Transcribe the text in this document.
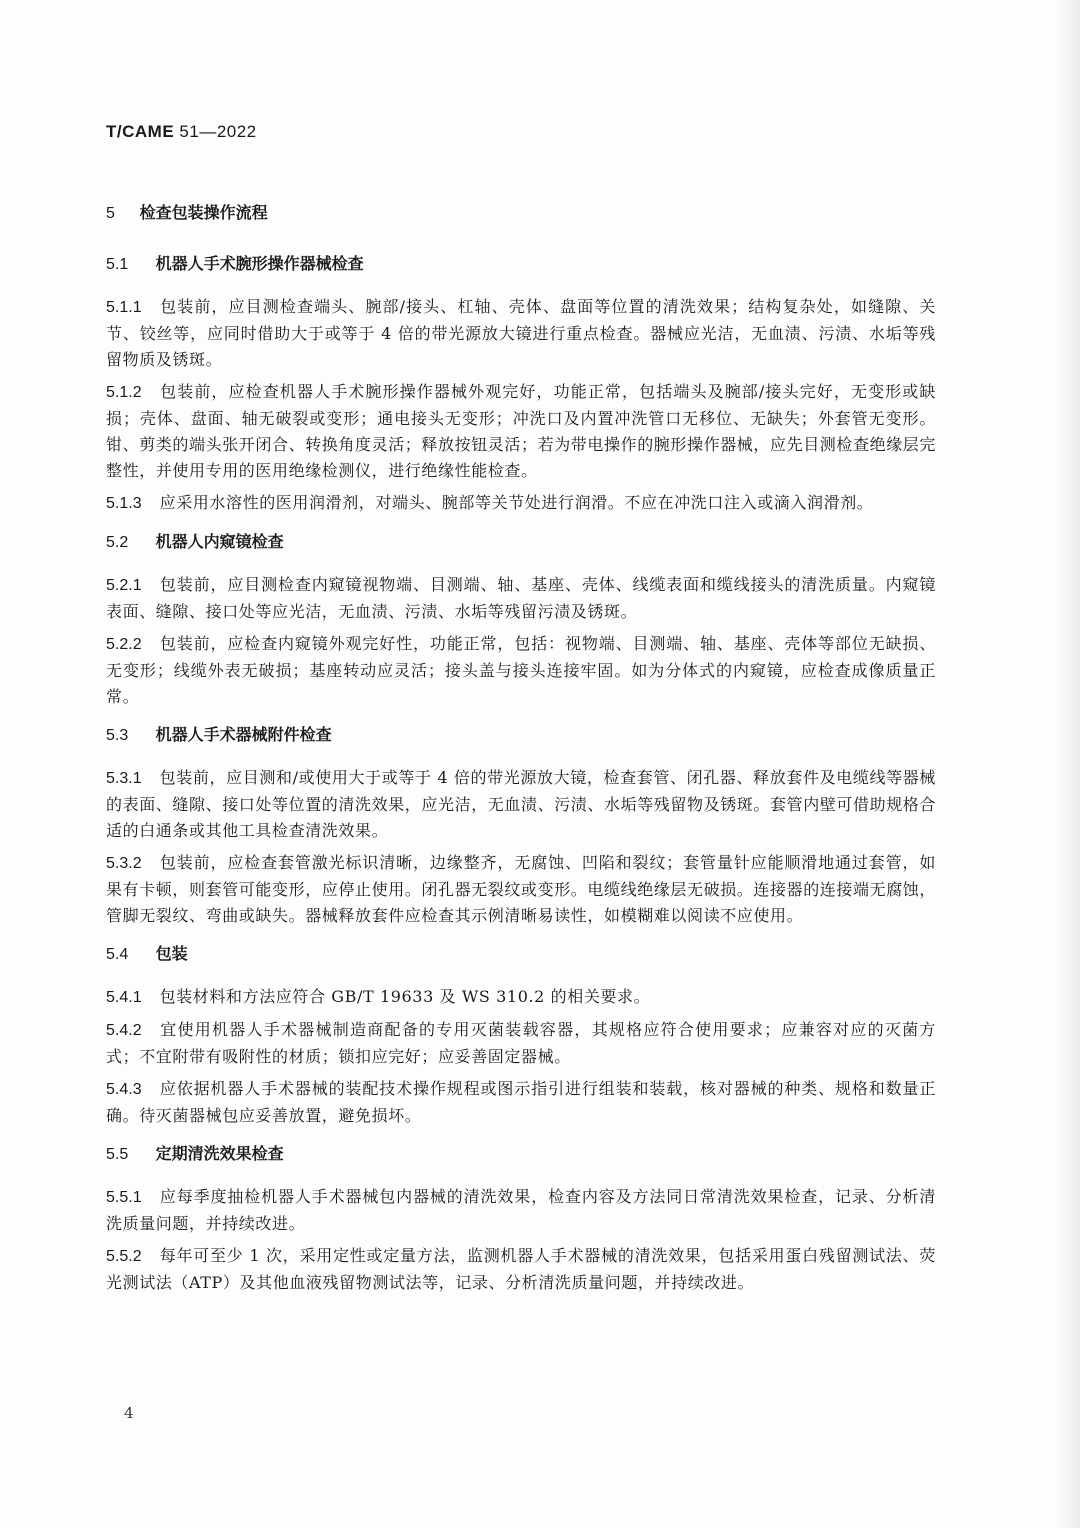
T/CAME 51—2022
5 检查包装操作流程
5.1 机器人手术腕形操作器械检查

5.1.1 包装前，应目测检查端头、腕部/接头、杠轴、壳体、盘面等位置的清洗效果；结构复杂处，如缝隙、关节、铰丝等，应同时借助大于或等于 4 倍的带光源放大镜进行重点检查。器械应光洁，无血渍、污渍、水垢等残留物质及锈斑。

5.1.2 包装前，应检查机器人手术腕形操作器械外观完好，功能正常，包括端头及腕部/接头完好，无变形或缺损；壳体、盘面、轴无破裂或变形；通电接头无变形；冲洗口及内置冲洗管口无移位、无缺失；外套管无变形。钳、剪类的端头张开闭合、转换角度灵活；释放按钮灵活；若为带电操作的腕形操作器械，应先目测检查绝缘层完整性，并使用专用的医用绝缘检测仪，进行绝缘性能检查。

5.1.3 应采用水溶性的医用润滑剂，对端头、腕部等关节处进行润滑。不应在冲洗口注入或滴入润滑剂。

5.2 机器人内窥镜检查

5.2.1 包装前，应目测检查内窥镜视物端、目测端、轴、基座、壳体、线缆表面和缆线接头的清洗质量。内窥镜表面、缝隙、接口处等应光洁，无血渍、污渍、水垢等残留污渍及锈斑。

5.2.2 包装前，应检查内窥镜外观完好性，功能正常，包括：视物端、目测端、轴、基座、壳体等部位无缺损、无变形；线缆外表无破损；基座转动应灵活；接头盖与接头连接牢固。如为分体式的内窥镜，应检查成像质量正常。

5.3 机器人手术器械附件检查

5.3.1 包装前，应目测和/或使用大于或等于 4 倍的带光源放大镜，检查套管、闭孔器、释放套件及电缆线等器械的表面、缝隙、接口处等位置的清洗效果，应光洁，无血渍、污渍、水垢等残留物及锈斑。套管内壁可借助规格合适的白通条或其他工具检查清洗效果。

5.3.2 包装前，应检查套管激光标识清晰，边缘整齐，无腐蚀、凹陷和裂纹；套管量针应能顺滑地通过套管，如果有卡顿，则套管可能变形，应停止使用。闭孔器无裂纹或变形。电缆线绝缘层无破损。连接器的连接端无腐蚀，管脚无裂纹、弯曲或缺失。器械释放套件应检查其示例清晰易读性，如模糊难以阅读不应使用。

5.4 包装

5.4.1 包装材料和方法应符合 GB/T 19633 及 WS 310.2 的相关要求。

5.4.2 宜使用机器人手术器械制造商配备的专用灭菌装载容器，其规格应符合使用要求；应兼容对应的灭菌方式；不宜附带有吸附性的材质；锁扣应完好；应妥善固定器械。

5.4.3 应依据机器人手术器械的装配技术操作规程或图示指引进行组装和装载，核对器械的种类、规格和数量正确。待灭菌器械包应妥善放置，避免损坏。

5.5 定期清洗效果检查

5.5.1 应每季度抽检机器人手术器械包内器械的清洗效果，检查内容及方法同日常清洗效果检查，记录、分析清洗质量问题，并持续改进。

5.5.2 每年可至少 1 次，采用定性或定量方法，监测机器人手术器械的清洗效果，包括采用蛋白残留测试法、荧光测试法（ATP）及其他血液残留物测试法等，记录、分析清洗质量问题，并持续改进。

4
